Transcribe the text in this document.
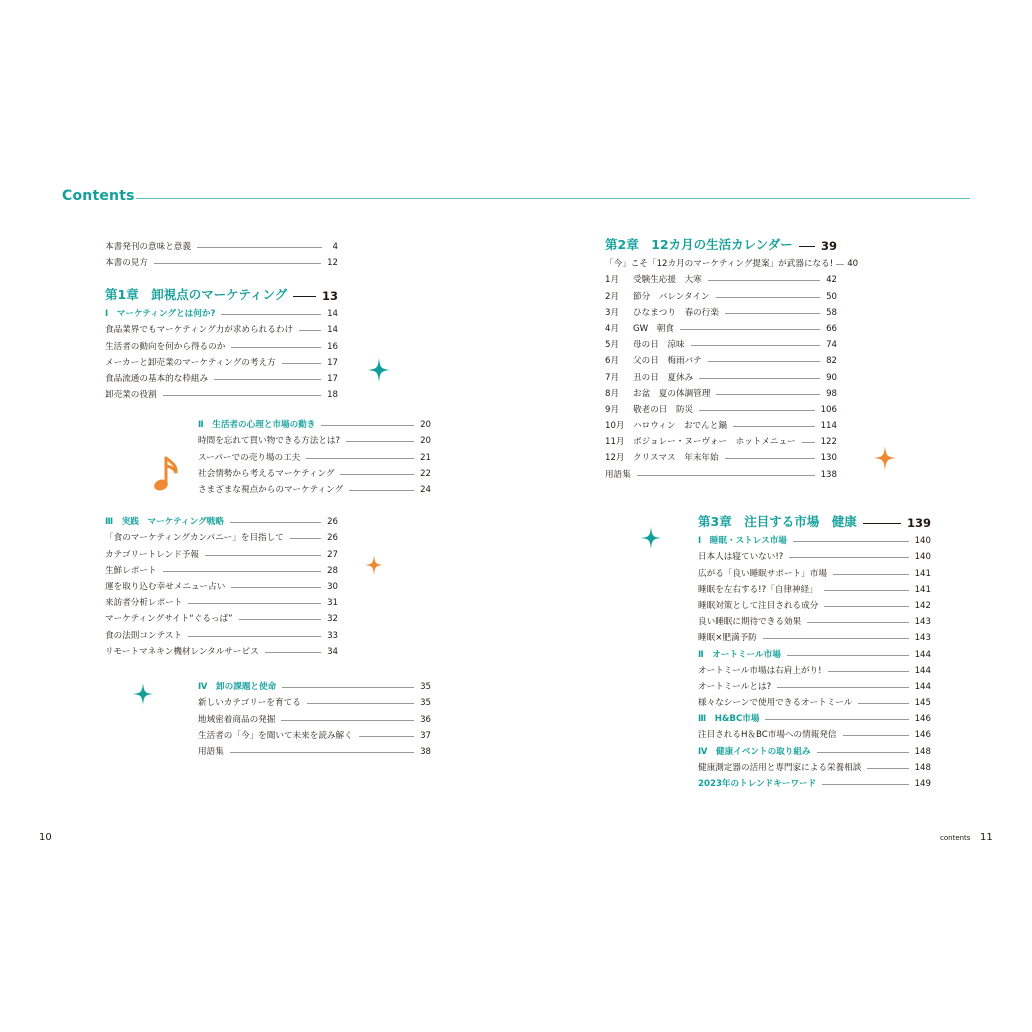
Contents
本書発刊の意味と意義	4
本書の見方	12
第1章　卸視点のマーケティング	13
Ⅰ　マーケティングとは何か?	14
食品業界でもマーケティング力が求められるわけ	14
生活者の動向を何から得るのか	16
メーカーと卸売業のマーケティングの考え方	17
食品流通の基本的な枠組み	17
卸売業の役割	18
Ⅱ　生活者の心理と市場の動き	20
時間を忘れて買い物できる方法とは?	20
スーパーでの売り場の工夫	21
社会情勢から考えるマーケティング	22
さまざまな視点からのマーケティング	24
Ⅲ　実践　マーケティング戦略	26
「食のマーケティングカンパニー」を目指して	26
カテゴリートレンド予報	27
生鮮レポート	28
運を取り込む幸せメニュー占い	30
来訪者分析レポート	31
マーケティングサイト“ぐるっぱ”	32
食の法則コンテスト	33
リモートマネキン機材レンタルサービス	34
Ⅳ　卸の課題と使命	35
新しいカテゴリーを育てる	35
地域密着商品の発掘	36
生活者の「今」を聞いて未来を読み解く	37
用語集	38
第2章　12カ月の生活カレンダー 39
「今」こそ「12カ月のマーケティング提案」が武器になる! 40
1月	受験生応援　大寒	42
2月	節分　バレンタイン	50
3月	ひなまつり　春の行楽	58
4月	GW　朝食	66
5月	母の日　涼味	74
6月	父の日　梅雨バテ	82
7月	丑の日　夏休み	90
8月	お盆　夏の体調管理	98
9月	敬老の日　防災	106
10月 ハロウィン　おでんと鍋	114
11月 ボジョレー・ヌーヴォー　ホットメニュー	122
12月 クリスマス　年末年始	130
用語集	138
第3章　注目する市場　健康	139
Ⅰ　睡眠・ストレス市場	140
日本人は寝ていない!?	140
広がる「良い睡眠サポート」市場	141
睡眠を左右する!?「自律神経」	141
睡眠対策として注目される成分	142
良い睡眠に期待できる効果	143
睡眠×肥満予防	143
Ⅱ　オートミール市場	144
オートミール市場は右肩上がり!	144
オートミールとは?	144
様々なシーンで使用できるオートミール	145
Ⅲ　H&BC市場	146
注目されるH＆BC市場への情報発信	146
Ⅳ　健康イベントの取り組み	148
健康測定器の活用と専門家による栄養相談	148
2023年のトレンドキーワード	149
10	contents 11
